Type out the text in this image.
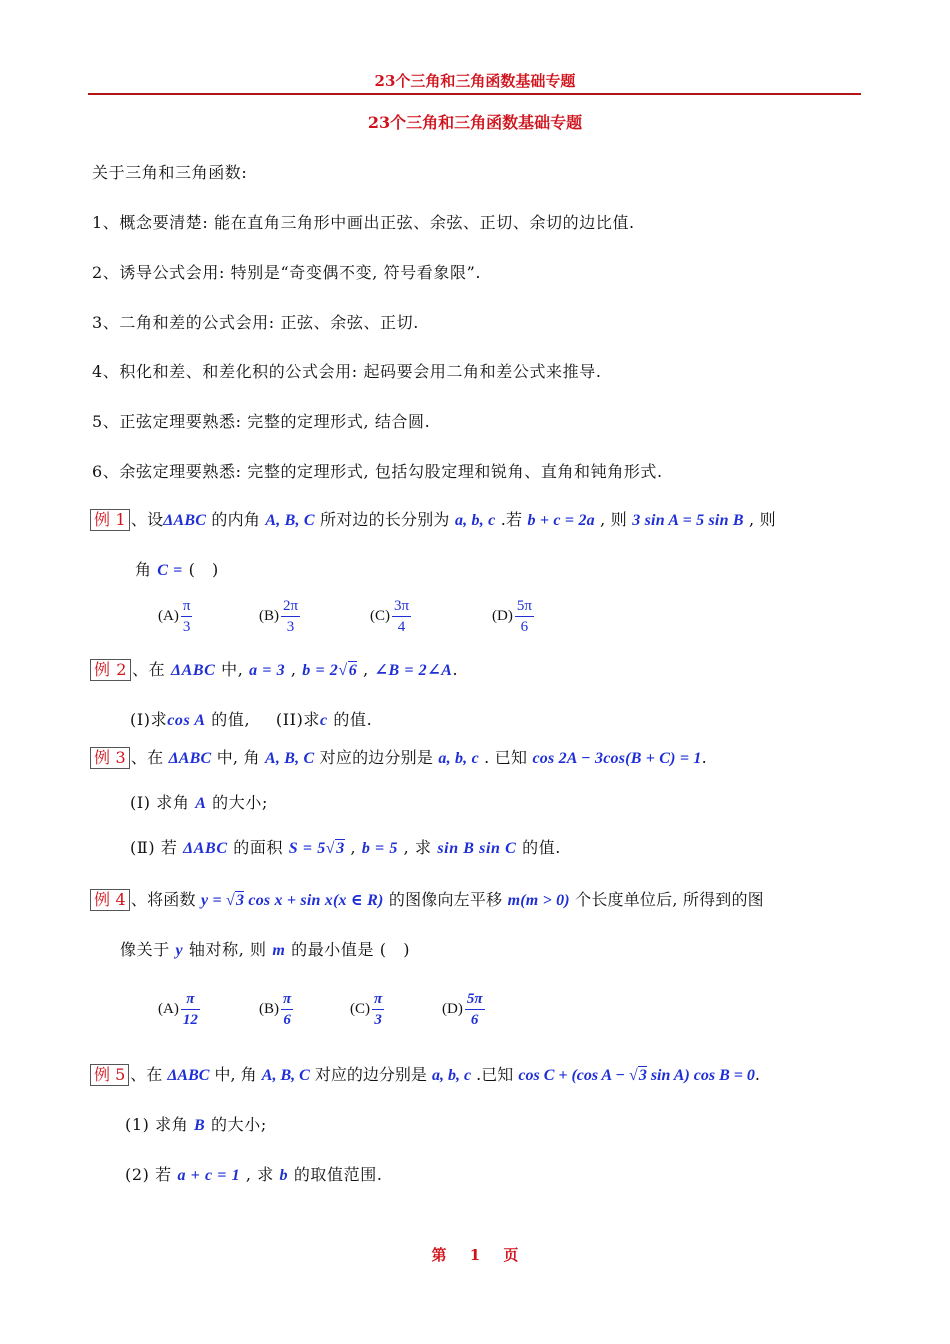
23个三角和三角函数基础专题
23个三角和三角函数基础专题
关于三角和三角函数:
1、概念要清楚: 能在直角三角形中画出正弦、余弦、正切、余切的边比值.
2、诱导公式会用: 特别是“奇变偶不变, 符号看象限”.
3、二角和差的公式会用: 正弦、余弦、正切.
4、积化和差、和差化积的公式会用: 起码要会用二角和差公式来推导.
5、正弦定理要熟悉: 完整的定理形式, 结合圆.
6、余弦定理要熟悉: 完整的定理形式, 包括勾股定理和锐角、直角和钝角形式.
例 1 、设ΔABC 的内角 A, B, C 所对边的长分别为 a, b, c .若 b + c = 2a , 则 3 sin A = 5 sin B , 则
角 C = (　)
$(A) \frac{\pi}{3}$	$(B) \frac{2\pi}{3}$	$(C) \frac{3\pi}{4}$	$(D) \frac{5\pi}{6}$
例 2 、在 ΔABC 中, a = 3 , b = 2√6 , ∠B = 2∠A.
(I)求cos A 的值, (II)求c 的值.
例 3 、在 ΔABC 中, 角 A, B, C 对应的边分别是 a, b, c . 已知 cos 2A − 3cos(B + C) = 1.
(Ⅰ) 求角 A 的大小;
(Ⅱ) 若 ΔABC 的面积 S = 5√3 , b = 5 , 求 sin B sin C 的值.
例 4 、将函数 y = √3 cos x + sin x(x ∈ R) 的图像向左平移 m(m > 0) 个长度单位后, 所得到的图
像关于 y 轴对称, 则 m 的最小值是 (　)
$(A) \frac{\pi}{12}$	$(B) \frac{\pi}{6}$	$(C) \frac{\pi}{3}$	$(D) \frac{5\pi}{6}$
例 5 、在 ΔABC 中, 角 A, B, C 对应的边分别是 a, b, c .已知 cos C + (cos A − √3 sin A) cos B = 0.
(1) 求角 B 的大小;
(2) 若 a + c = 1 , 求 b 的取值范围.
第 1 页
